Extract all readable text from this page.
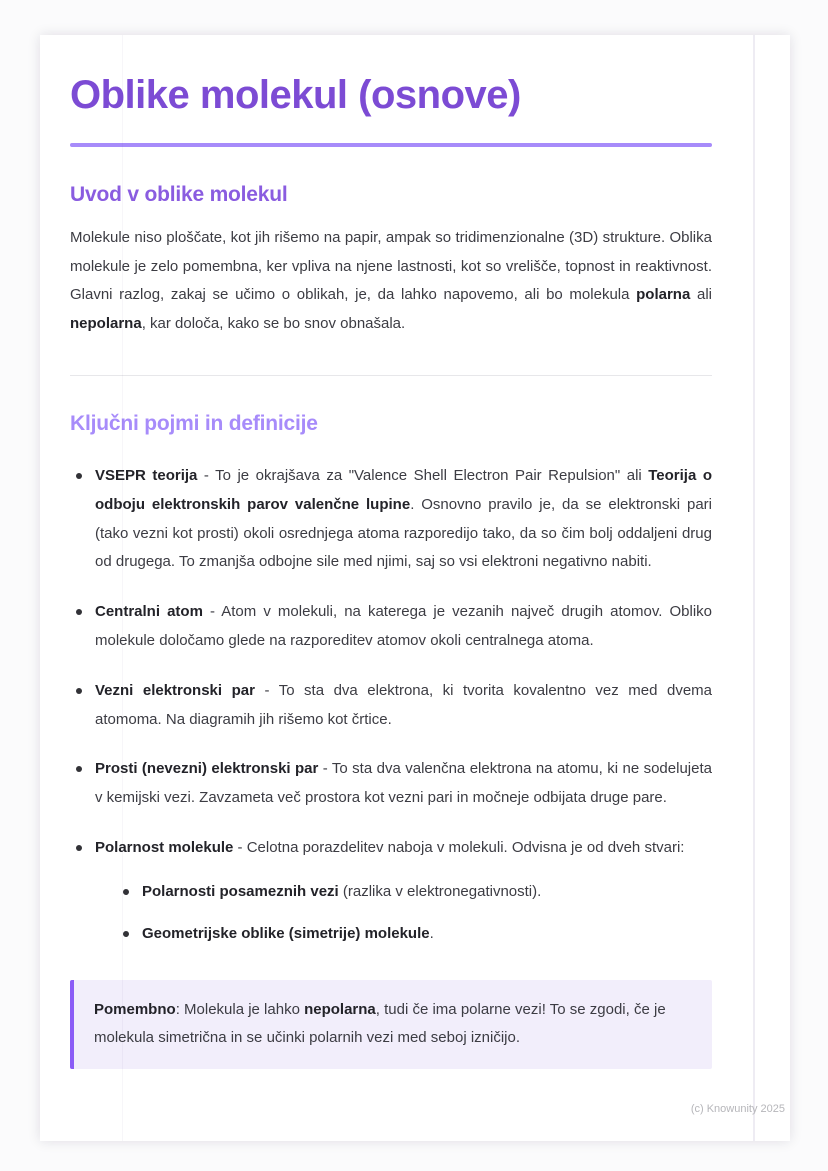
Oblike molekul (osnove)
Uvod v oblike molekul

Molekule niso ploščate, kot jih rišemo na papir, ampak so tridimenzionalne (3D) strukture. Oblika molekule je zelo pomembna, ker vpliva na njene lastnosti, kot so vrelišče, topnost in reaktivnost. Glavni razlog, zakaj se učimo o oblikah, je, da lahko napovemo, ali bo molekula polarna ali nepolarna, kar določa, kako se bo snov obnašala.

Ključni pojmi in definicije

VSEPR teorija - To je okrajšava za "Valence Shell Electron Pair Repulsion" ali Teorija o odboju elektronskih parov valenčne lupine. Osnovno pravilo je, da se elektronski pari (tako vezni kot prosti) okoli osrednjega atoma razporedijo tako, da so čim bolj oddaljeni drug od drugega. To zmanjša odbojne sile med njimi, saj so vsi elektroni negativno nabiti.

Centralni atom - Atom v molekuli, na katerega je vezanih največ drugih atomov. Obliko molekule določamo glede na razporeditev atomov okoli centralnega atoma.

Vezni elektronski par - To sta dva elektrona, ki tvorita kovalentno vez med dvema atomoma. Na diagramih jih rišemo kot črtice.

Prosti (nevezni) elektronski par - To sta dva valenčna elektrona na atomu, ki ne sodelujeta v kemijski vezi. Zavzameta več prostora kot vezni pari in močneje odbijata druge pare.

Polarnost molekule - Celotna porazdelitev naboja v molekuli. Odvisna je od dveh stvari:

Polarnosti posameznih vezi (razlika v elektronegativnosti).

Geometrijske oblike (simetrije) molekule.

Pomembno: Molekula je lahko nepolarna, tudi če ima polarne vezi! To se zgodi, če je molekula simetrična in se učinki polarnih vezi med seboj izničijo.

(c) Knowunity 2025
